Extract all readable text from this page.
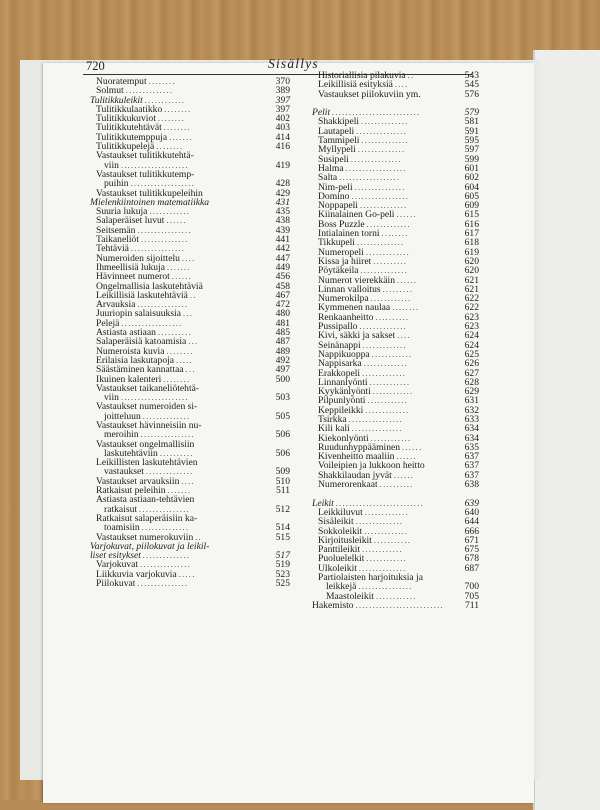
720	Sisällys
Nuoratemput ........	370
Solmut ..............	389
Tulitikkuleikit ............	397
Tulitikkulaatikko ........	397
Tulitikkukuviot ........	402
Tulitikkutehtävät ........	403
Tulitikkutemppuja .......	414
Tulitikkupelejä ........	416
Vastaukset tulitikkutehtä-
viin ....................	419
Vastaukset tulitikkutemp-
puihin ...................	428
Vastaukset tulitikkupeleihin	429
Mielenkiintoinen matematiikka	431
Suuria lukuja ............	435
Salaperäiset luvut ......	438
Seitsemän ................	439
Taikaneliöt ..............	441
Tehtäviä ................	442
Numeroiden sijoittelu ....	447
Ihmeellisiä lukuja .......	449
Hävinneet numerot ......	456
Ongelmallisia laskutehtäviä	458
Leikillisiä laskutehtäviä ..	467
Arvauksia ...............	472
Juuriopin salaisuuksia ...	480
Pelejä ..................	481
Astiasta astiaan ..........	485
Salaperäisiä katoamisia ...	487
Numeroista kuvia ........	489
Erilaisia laskutapoja .....	492
Säästäminen kannattaa ...	497
Ikuinen kalenteri ........	500
Vastaukset taikaneliötehtä-
viin ....................	503
Vastaukset numeroiden si-
joitteluun ..............	505
Vastaukset hävinneisiin nu-
meroihin ................	506
Vastaukset ongelmallisiin
laskutehtäviin ..........	506
Leikillisten laskutehtävien
vastaukset ..............	509
Vastaukset arvauksiin ....	510
Ratkaisut peleihin .......	511
Astiasta astiaan-tehtävien
ratkaisut ...............	512
Ratkaisut salaperäisiin ka-
toamisiin ..............	514
Vastaukset numerokuviin ..	515
Varjokuvat, piilokuvat ja leikil-
liset esitykset ..............	517
Varjokuvat ...............	519
Liikkuvia varjokuvia .....	523
Piilokuvat ...............	525
Historiallisia pilakuvia ..	543
Leikillisiä esityksiä ....	545
Vastaukset piilokuviin ym.	576
Pelit ..........................	579
Shakkipeli ..............	581
Lautapeli ...............	591
Tammipeli ..............	595
Myllypeli ..............	597
Susipeli ...............	599
Halma ..................	601
Salta ..................	602
Nim-peli ...............	604
Domino .................	605
Noppapeli ..............	609
Kiinalainen Go-peli ......	615
Boss Puzzle .............	616
Intialainen torni ........	617
Tikkupeli ..............	618
Numeropeli .............	619
Kissa ja hiiret ..........	620
Pöytäkeila ..............	620
Numerot vierekkäin ......	621
Linnan valloitus .........	621
Numerokilpa ............	622
Kymmenen naulaa ........	622
Renkaanheitto ..........	623
Pussipallo ..............	623
Kivi, säkki ja sakset ....	624
Seinänappi .............	624
Nappikuoppa ............	625
Nappisarka .............	626
Erakkopeli .............	627
Linnanlyönti ............	628
Kyykänlyönti ............	629
Pilpunlyönti ............	631
Keppileikki .............	632
Tsirkka ................	633
Kili kali ...............	634
Kiekonlyönti ............	634
Ruudunhyppääminen ......	635
Kivenheitto maaliin ......	637
Voileipien ja lukkoon heitto	637
Shakkilaudan jyvät ......	637
Numerorenkaat ..........	638
Leikit ..........................	639
Leikkiluvut .............	640
Sisäleikit ..............	644
Sokkoleikit .............	666
Kirjoitusleikit ...........	671
Panttileikit ............	675
Puoluelelkit ............	678
Ulkoleikit ..............	687
Partiolaisten harjoituksia ja
leikkejä ................	700
Maastoleikit ............	705
Hakemisto ..........................	711
